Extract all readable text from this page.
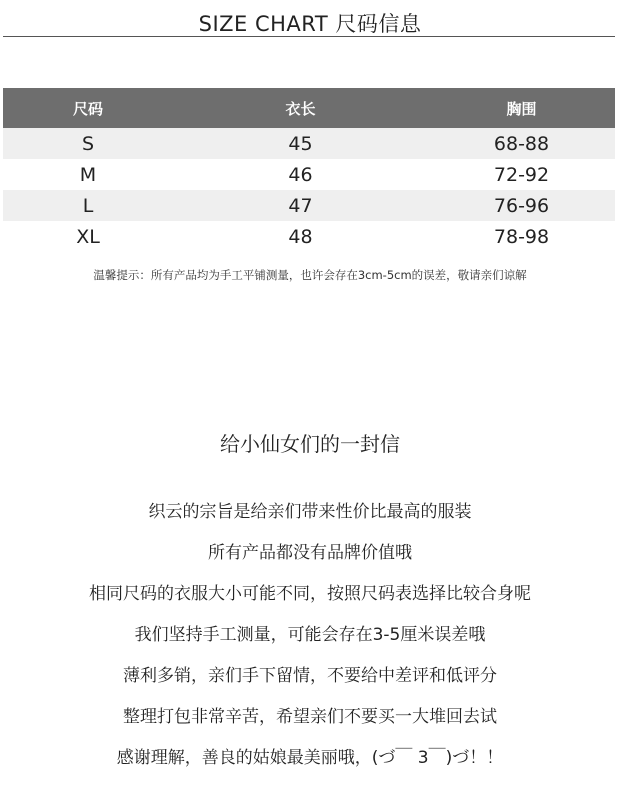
SIZE CHART 尺码信息
尺码	衣长	胸围
S	45	68-88
M	46	72-92
L	47	76-96
XL	48	78-98
温馨提示：所有产品均为手工平铺测量，也许会存在3cm-5cm的误差，敬请亲们谅解
给小仙女们的一封信
织云的宗旨是给亲们带来性价比最高的服装
所有产品都没有品牌价值哦
相同尺码的衣服大小可能不同，按照尺码表选择比较合身呢
我们坚持手工测量，可能会存在3-5厘米误差哦
薄利多销，亲们手下留情，不要给中差评和低评分
整理打包非常辛苦，希望亲们不要买一大堆回去试
感谢理解，善良的姑娘最美丽哦，(づ￣ 3￣)づ！！
